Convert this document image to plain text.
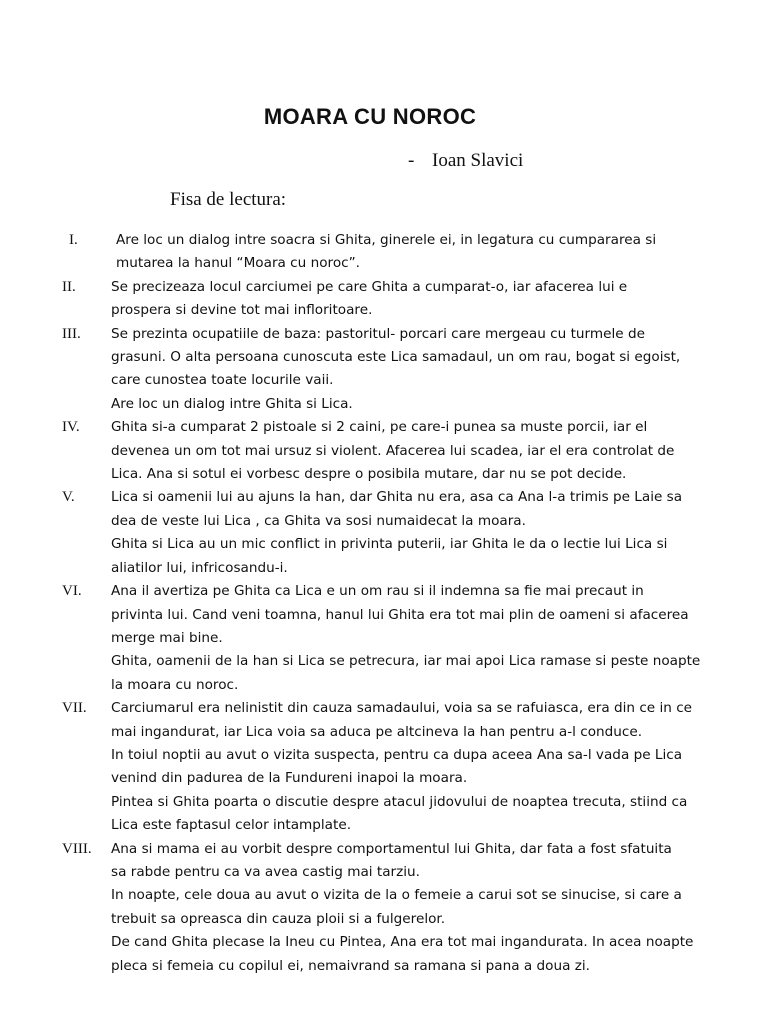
MOARA CU NOROC

- Ioan Slavici

Fisa de lectura:

I.	Are loc un dialog intre soacra si Ghita, ginerele ei, in legatura cu cumpararea si

mutarea la hanul “Moara cu noroc”.

II.	Se precizeaza locul carciumei pe care Ghita a cumparat-o, iar afacerea lui e

prospera si devine tot mai infloritoare.

III. Se prezinta ocupatiile de baza: pastoritul- porcari care mergeau cu turmele de

grasuni. O alta persoana cunoscuta este Lica samadaul, un om rau, bogat si egoist,

care cunostea toate locurile vaii.

Are loc un dialog intre Ghita si Lica.

IV. Ghita si-a cumparat 2 pistoale si 2 caini, pe care-i punea sa muste porcii, iar el

devenea un om tot mai ursuz si violent. Afacerea lui scadea, iar el era controlat de

Lica. Ana si sotul ei vorbesc despre o posibila mutare, dar nu se pot decide.

V.	Lica si oamenii lui au ajuns la han, dar Ghita nu era, asa ca Ana l-a trimis pe Laie sa

dea de veste lui Lica , ca Ghita va sosi numaidecat la moara.

Ghita si Lica au un mic conflict in privinta puterii, iar Ghita le da o lectie lui Lica si

aliatilor lui, infricosandu-i.

VI. Ana il avertiza pe Ghita ca Lica e un om rau si il indemna sa fie mai precaut in

privinta lui. Cand veni toamna, hanul lui Ghita era tot mai plin de oameni si afacerea

merge mai bine.

Ghita, oamenii de la han si Lica se petrecura, iar mai apoi Lica ramase si peste noapte

la moara cu noroc.

VII. Carciumarul era nelinistit din cauza samadaului, voia sa se rafuiasca, era din ce in ce

mai ingandurat, iar Lica voia sa aduca pe altcineva la han pentru a-l conduce.

In toiul noptii au avut o vizita suspecta, pentru ca dupa aceea Ana sa-l vada pe Lica

venind din padurea de la Fundureni inapoi la moara.

Pintea si Ghita poarta o discutie despre atacul jidovului de noaptea trecuta, stiind ca

Lica este faptasul celor intamplate.

VIII. Ana si mama ei au vorbit despre comportamentul lui Ghita, dar fata a fost sfatuita

sa rabde pentru ca va avea castig mai tarziu.

In noapte, cele doua au avut o vizita de la o femeie a carui sot se sinucise, si care a

trebuit sa opreasca din cauza ploii si a fulgerelor.

De cand Ghita plecase la Ineu cu Pintea, Ana era tot mai ingandurata. In acea noapte

pleca si femeia cu copilul ei, nemaivrand sa ramana si pana a doua zi.
